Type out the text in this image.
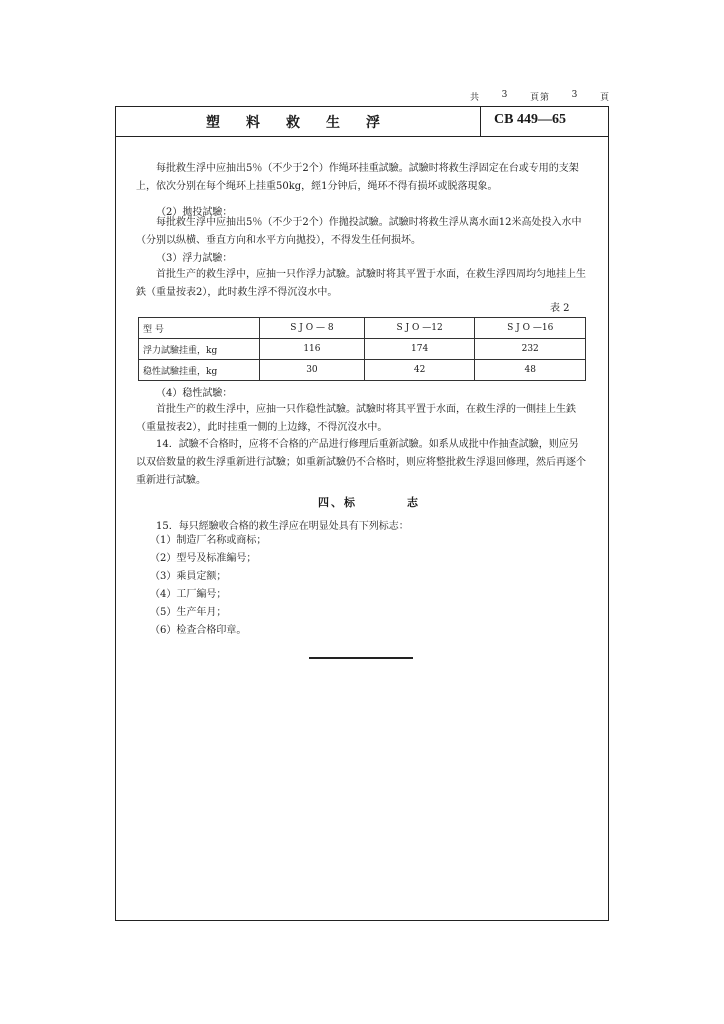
共 3 頁第 3 頁
塑料救生浮	CB 449—65

每批救生浮中应抽出5％（不少于2个）作绳环挂重試驗。試驗时将救生浮固定在台或专用的支架上，依次分别在每个绳环上挂重50kg，經1分钟后，绳环不得有损坏或脱落現象。

（2）拋投試驗：

每批救生浮中应抽出5％（不少于2个）作拋投試驗。試驗时将救生浮从离水面12米高处投入水中（分别以纵横、垂直方向和水平方向拋投），不得发生任何损坏。

（3）浮力試驗：

首批生产的救生浮中，应抽一只作浮力試驗。試驗时将其平置于水面，在救生浮四周均匀地挂上生鉄（重量按表2），此时救生浮不得沉沒水中。

表 2
型 号	S J O — 8	S J O —12	S J O —16
浮力試驗挂重，kg	116	174	232
稳性試驗挂重，kg	30	42	48
（4）稳性試驗：

首批生产的救生浮中，应抽一只作稳性試驗。試驗时将其平置于水面，在救生浮的一側挂上生鉄（重量按表2），此时挂重一側的上边緣，不得沉沒水中。

14．試驗不合格时，应将不合格的产品进行修理后重新試驗。如系从成批中作抽查試驗，则应另以双倍数量的救生浮重新进行試驗；如重新試驗仍不合格时，则应将整批救生浮退回修理，然后再逐个重新进行試驗。

四、标	志

15．每只經驗收合格的救生浮应在明显处具有下列标志：

（1）制造厂名称或商标；
（2）型号及标准編号；
（3）乘員定额；
（4）工厂編号；
（5）生产年月；
（6）检查合格印章。
